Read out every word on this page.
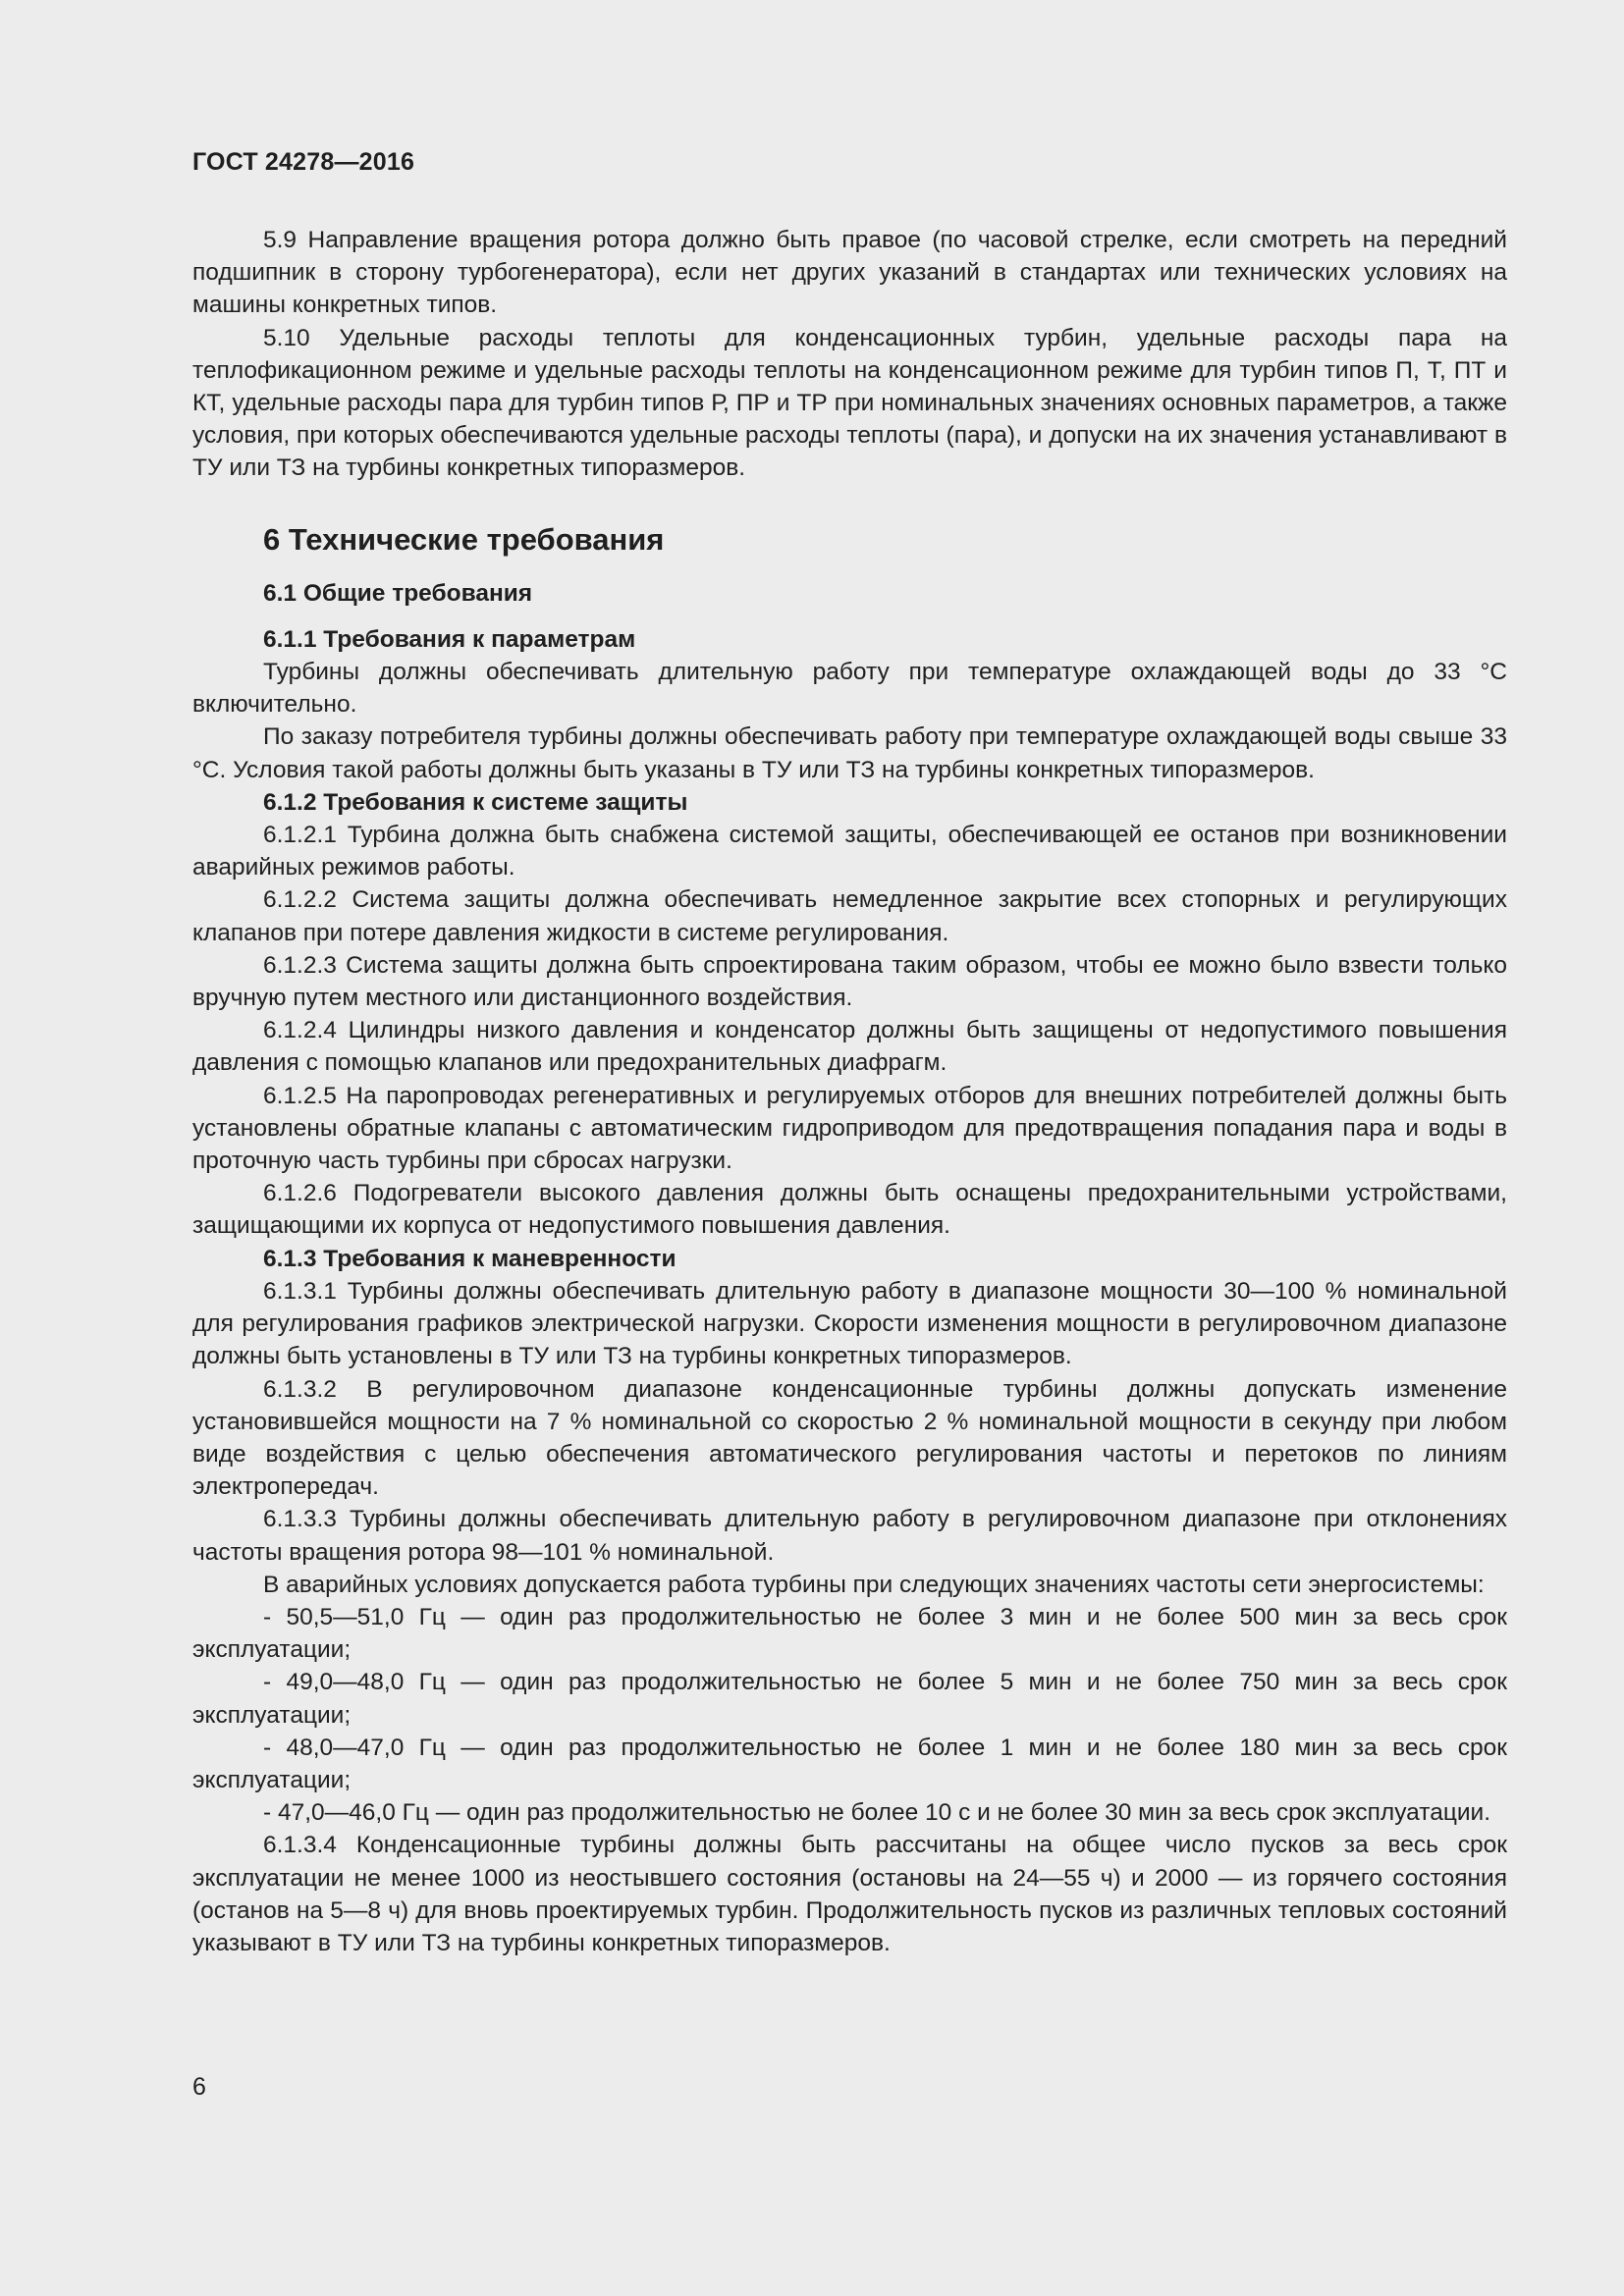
ГОСТ 24278—2016

5.9 Направление вращения ротора должно быть правое (по часовой стрелке, если смотреть на передний подшипник в сторону турбогенератора), если нет других указаний в стандартах или технических условиях на машины конкретных типов.

5.10 Удельные расходы теплоты для конденсационных турбин, удельные расходы пара на теплофикационном режиме и удельные расходы теплоты на конденсационном режиме для турбин типов П, Т, ПТ и КТ, удельные расходы пара для турбин типов Р, ПР и ТР при номинальных значениях основных параметров, а также условия, при которых обеспечиваются удельные расходы теплоты (пара), и допуски на их значения устанавливают в ТУ или ТЗ на турбины конкретных типоразмеров.

6 Технические требования
6.1 Общие требования
6.1.1 Требования к параметрам

Турбины должны обеспечивать длительную работу при температуре охлаждающей воды до 33 °С включительно.

По заказу потребителя турбины должны обеспечивать работу при температуре охлаждающей воды свыше 33 °С. Условия такой работы должны быть указаны в ТУ или ТЗ на турбины конкретных типоразмеров.

6.1.2 Требования к системе защиты

6.1.2.1 Турбина должна быть снабжена системой защиты, обеспечивающей ее останов при возникновении аварийных режимов работы.

6.1.2.2 Система защиты должна обеспечивать немедленное закрытие всех стопорных и регулирующих клапанов при потере давления жидкости в системе регулирования.

6.1.2.3 Система защиты должна быть спроектирована таким образом, чтобы ее можно было взвести только вручную путем местного или дистанционного воздействия.

6.1.2.4 Цилиндры низкого давления и конденсатор должны быть защищены от недопустимого повышения давления с помощью клапанов или предохранительных диафрагм.

6.1.2.5 На паропроводах регенеративных и регулируемых отборов для внешних потребителей должны быть установлены обратные клапаны с автоматическим гидроприводом для предотвращения попадания пара и воды в проточную часть турбины при сбросах нагрузки.

6.1.2.6 Подогреватели высокого давления должны быть оснащены предохранительными устройствами, защищающими их корпуса от недопустимого повышения давления.

6.1.3 Требования к маневренности

6.1.3.1 Турбины должны обеспечивать длительную работу в диапазоне мощности 30—100 % номинальной для регулирования графиков электрической нагрузки. Скорости изменения мощности в регулировочном диапазоне должны быть установлены в ТУ или ТЗ на турбины конкретных типоразмеров.

6.1.3.2 В регулировочном диапазоне конденсационные турбины должны допускать изменение установившейся мощности на 7 % номинальной со скоростью 2 % номинальной мощности в секунду при любом виде воздействия с целью обеспечения автоматического регулирования частоты и перетоков по линиям электропередач.

6.1.3.3 Турбины должны обеспечивать длительную работу в регулировочном диапазоне при отклонениях частоты вращения ротора 98—101 % номинальной.

В аварийных условиях допускается работа турбины при следующих значениях частоты сети энергосистемы:

- 50,5—51,0 Гц — один раз продолжительностью не более 3 мин и не более 500 мин за весь срок эксплуатации;

- 49,0—48,0 Гц — один раз продолжительностью не более 5 мин и не более 750 мин за весь срок эксплуатации;

- 48,0—47,0 Гц — один раз продолжительностью не более 1 мин и не более 180 мин за весь срок эксплуатации;

- 47,0—46,0 Гц — один раз продолжительностью не более 10 с и не более 30 мин за весь срок эксплуатации.

6.1.3.4 Конденсационные турбины должны быть рассчитаны на общее число пусков за весь срок эксплуатации не менее 1000 из неостывшего состояния (остановы на 24—55 ч) и 2000 — из горячего состояния (останов на 5—8 ч) для вновь проектируемых турбин. Продолжительность пусков из различных тепловых состояний указывают в ТУ или ТЗ на турбины конкретных типоразмеров.

6
